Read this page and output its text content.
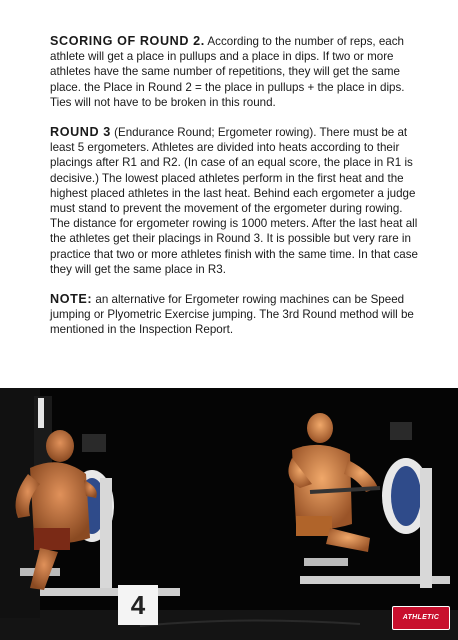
SCORING OF ROUND 2. According to the number of reps, each athlete will get a place in pullups and a place in dips. If two or more athletes have the same number of repetitions, they will get the same place. the Place in Round 2 = the place in pullups + the place in dips. Ties will not have to be broken in this round.

ROUND 3 (Endurance Round; Ergometer rowing). There must be at least 5 ergometers. Athletes are divided into heats according to their placings after R1 and R2. (In case of an equal score, the place in R1 is decisive.) The lowest placed athletes perform in the first heat and the highest placed athletes in the last heat. Behind each ergometer a judge must stand to prevent the movement of the ergometer during rowing. The distance for ergometer rowing is 1000 meters. After the last heat all the athletes get their placings in Round 3. It is possible but very rare in practice that two or more athletes finish with the same time. In that case they will get the same place in R3.

NOTE: an alternative for Ergometer rowing machines can be Speed jumping or Plyometric Exercise jumping. The 3rd Round method will be mentioned in the Inspection Report.

4	ATHLETIC
